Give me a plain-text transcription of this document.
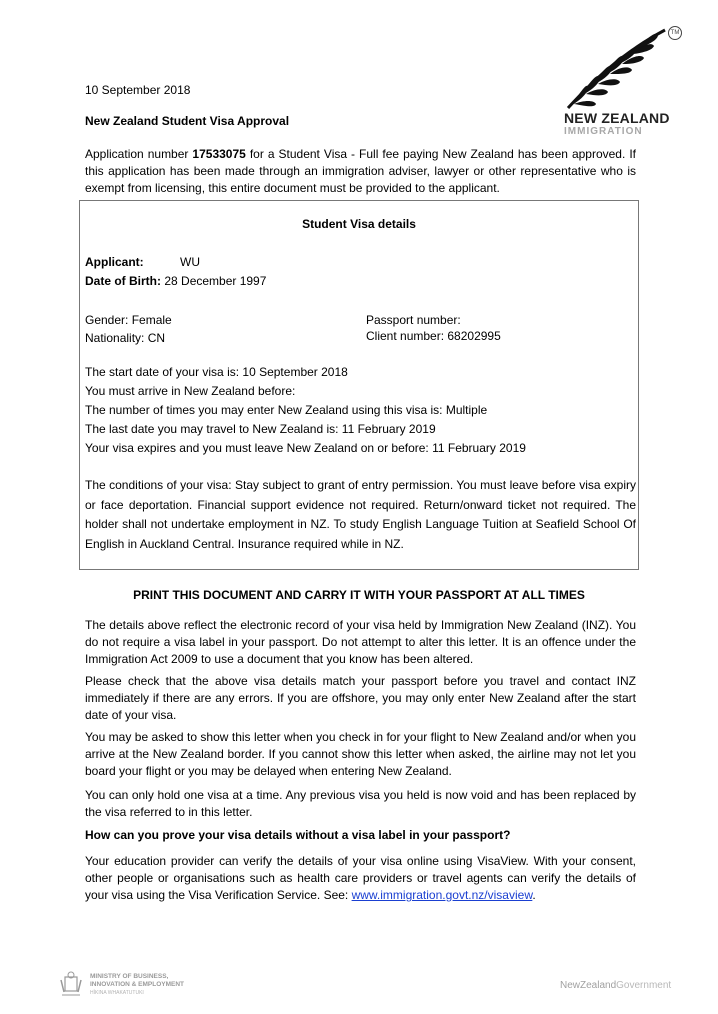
TM
NEW ZEALAND
IMMIGRATION
10 September 2018
New Zealand Student Visa Approval

Application number 17533075 for a Student Visa - Full fee paying New Zealand has been approved. If this application has been made through an immigration adviser, lawyer or other representative who is exempt from licensing, this entire document must be provided to the applicant.

Student Visa details
Applicant:	WU
Date of Birth: 28 December 1997
Gender: Female
Nationality: CN
Passport number:
Client number: 68202995
The start date of your visa is: 10 September 2018
You must arrive in New Zealand before:
The number of times you may enter New Zealand using this visa is: Multiple
The last date you may travel to New Zealand is: 11 February 2019
Your visa expires and you must leave New Zealand on or before: 11 February 2019

The conditions of your visa: Stay subject to grant of entry permission. You must leave before visa expiry or face deportation. Financial support evidence not required. Return/onward ticket not required. The holder shall not undertake employment in NZ. To study English Language Tuition at Seafield School Of English in Auckland Central. Insurance required while in NZ.

PRINT THIS DOCUMENT AND CARRY IT WITH YOUR PASSPORT AT ALL TIMES

The details above reflect the electronic record of your visa held by Immigration New Zealand (INZ). You do not require a visa label in your passport. Do not attempt to alter this letter. It is an offence under the Immigration Act 2009 to use a document that you know has been altered.

Please check that the above visa details match your passport before you travel and contact INZ immediately if there are any errors. If you are offshore, you may only enter New Zealand after the start date of your visa.

You may be asked to show this letter when you check in for your flight to New Zealand and/or when you arrive at the New Zealand border. If you cannot show this letter when asked, the airline may not let you board your flight or you may be delayed when entering New Zealand.

You can only hold one visa at a time. Any previous visa you held is now void and has been replaced by the visa referred to in this letter.

How can you prove your visa details without a visa label in your passport?

Your education provider can verify the details of your visa online using VisaView. With your consent, other people or organisations such as health care providers or travel agents can verify the details of your visa using the Visa Verification Service. See: www.immigration.govt.nz/visaview.

MINISTRY OF BUSINESS,
INNOVATION & EMPLOYMENT
HĪKINA WHAKATUTUKI
NewZealandGovernment
